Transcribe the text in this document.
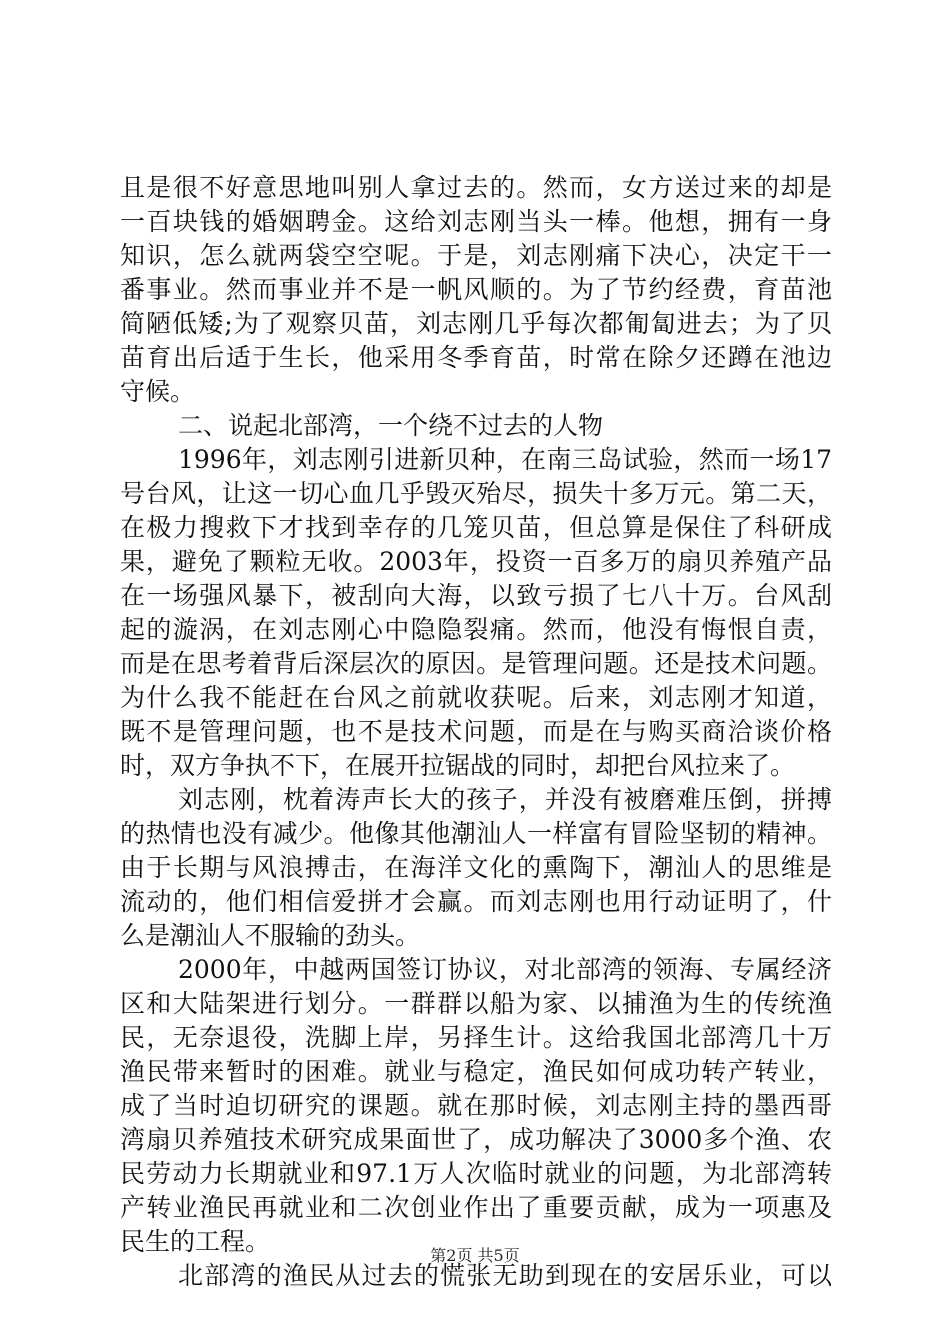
且是很不好意思地叫别人拿过去的。然而，女方送过来的却是
一百块钱的婚姻聘金。这给刘志刚当头一棒。他想，拥有一身
知识，怎么就两袋空空呢。于是，刘志刚痛下决心，决定干一
番事业。然而事业并不是一帆风顺的。为了节约经费，育苗池
简陋低矮;为了观察贝苗，刘志刚几乎每次都匍匐进去；为了贝
苗育出后适于生长，他采用冬季育苗，时常在除夕还蹲在池边
守候。
二、说起北部湾，一个绕不过去的人物
1996年，刘志刚引进新贝种，在南三岛试验，然而一场17
号台风，让这一切心血几乎毁灭殆尽，损失十多万元。第二天，
在极力搜救下才找到幸存的几笼贝苗，但总算是保住了科研成
果，避免了颗粒无收。2003年，投资一百多万的扇贝养殖产品
在一场强风暴下，被刮向大海，以致亏损了七八十万。台风刮
起的漩涡，在刘志刚心中隐隐裂痛。然而，他没有悔恨自责，
而是在思考着背后深层次的原因。是管理问题。还是技术问题。
为什么我不能赶在台风之前就收获呢。后来，刘志刚才知道，
既不是管理问题，也不是技术问题，而是在与购买商洽谈价格
时，双方争执不下，在展开拉锯战的同时，却把台风拉来了。
刘志刚，枕着涛声长大的孩子，并没有被磨难压倒，拼搏
的热情也没有减少。他像其他潮汕人一样富有冒险坚韧的精神。
由于长期与风浪搏击，在海洋文化的熏陶下，潮汕人的思维是
流动的，他们相信爱拼才会赢。而刘志刚也用行动证明了，什
么是潮汕人不服输的劲头。
2000年，中越两国签订协议，对北部湾的领海、专属经济
区和大陆架进行划分。一群群以船为家、以捕渔为生的传统渔
民，无奈退役，洗脚上岸，另择生计。这给我国北部湾几十万
渔民带来暂时的困难。就业与稳定，渔民如何成功转产转业，
成了当时迫切研究的课题。就在那时候，刘志刚主持的墨西哥
湾扇贝养殖技术研究成果面世了，成功解决了3000多个渔、农
民劳动力长期就业和97.1万人次临时就业的问题，为北部湾转
产转业渔民再就业和二次创业作出了重要贡献，成为一项惠及
民生的工程。
北部湾的渔民从过去的慌张无助到现在的安居乐业，可以
第2页 共5页
